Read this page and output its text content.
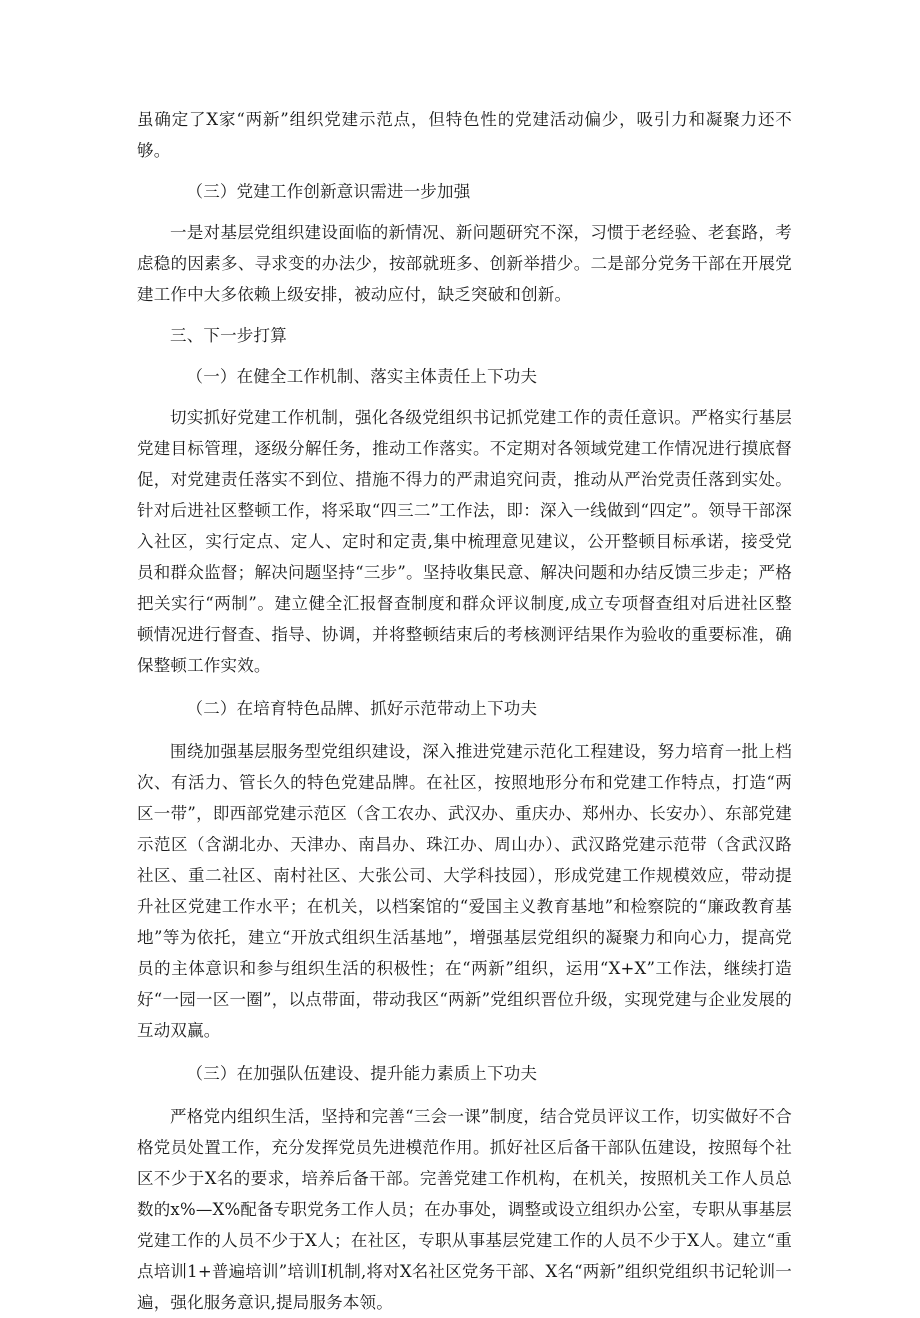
虽确定了X家“两新”组织党建示范点，但特色性的党建活动偏少，吸引力和凝聚力还不够。

（三）党建工作创新意识需进一步加强

一是对基层党组织建设面临的新情况、新问题研究不深，习惯于老经验、老套路，考虑稳的因素多、寻求变的办法少，按部就班多、创新举措少。二是部分党务干部在开展党建工作中大多依赖上级安排，被动应付，缺乏突破和创新。

三、下一步打算

（一）在健全工作机制、落实主体责任上下功夫

切实抓好党建工作机制，强化各级党组织书记抓党建工作的责任意识。严格实行基层党建目标管理，逐级分解任务，推动工作落实。不定期对各领域党建工作情况进行摸底督促，对党建责任落实不到位、措施不得力的严肃追究问责，推动从严治党责任落到实处。针对后进社区整顿工作，将采取“四三二”工作法，即：深入一线做到“四定”。领导干部深入社区，实行定点、定人、定时和定责,集中梳理意见建议，公开整顿目标承诺，接受党员和群众监督；解决问题坚持“三步”。坚持收集民意、解决问题和办结反馈三步走；严格把关实行“两制”。建立健全汇报督查制度和群众评议制度,成立专项督查组对后进社区整顿情况进行督查、指导、协调，并将整顿结束后的考核测评结果作为验收的重要标准，确保整顿工作实效。

（二）在培育特色品牌、抓好示范带动上下功夫

围绕加强基层服务型党组织建设，深入推进党建示范化工程建设，努力培育一批上档次、有活力、管长久的特色党建品牌。在社区，按照地形分布和党建工作特点，打造“两区一带”，即西部党建示范区（含工农办、武汉办、重庆办、郑州办、长安办）、东部党建示范区（含湖北办、天津办、南昌办、珠江办、周山办）、武汉路党建示范带（含武汉路社区、重二社区、南村社区、大张公司、大学科技园），形成党建工作规模效应，带动提升社区党建工作水平；在机关，以档案馆的“爱国主义教育基地”和检察院的“廉政教育基地”等为依托，建立“开放式组织生活基地”，增强基层党组织的凝聚力和向心力，提高党员的主体意识和参与组织生活的积极性；在“两新”组织，运用“X+X”工作法，继续打造好“一园一区一圈”，以点带面，带动我区“两新”党组织晋位升级，实现党建与企业发展的互动双赢。

（三）在加强队伍建设、提升能力素质上下功夫

严格党内组织生活，坚持和完善“三会一课”制度，结合党员评议工作，切实做好不合格党员处置工作，充分发挥党员先进模范作用。抓好社区后备干部队伍建设，按照每个社区不少于X名的要求，培养后备干部。完善党建工作机构，在机关，按照机关工作人员总数的x%—X%配备专职党务工作人员；在办事处，调整或设立组织办公室，专职从事基层党建工作的人员不少于X人；在社区，专职从事基层党建工作的人员不少于X人。建立“重点培训1+普遍培训”培训I机制,将对X名社区党务干部、X名“两新”组织党组织书记轮训一遍，强化服务意识,提局服务本领。
